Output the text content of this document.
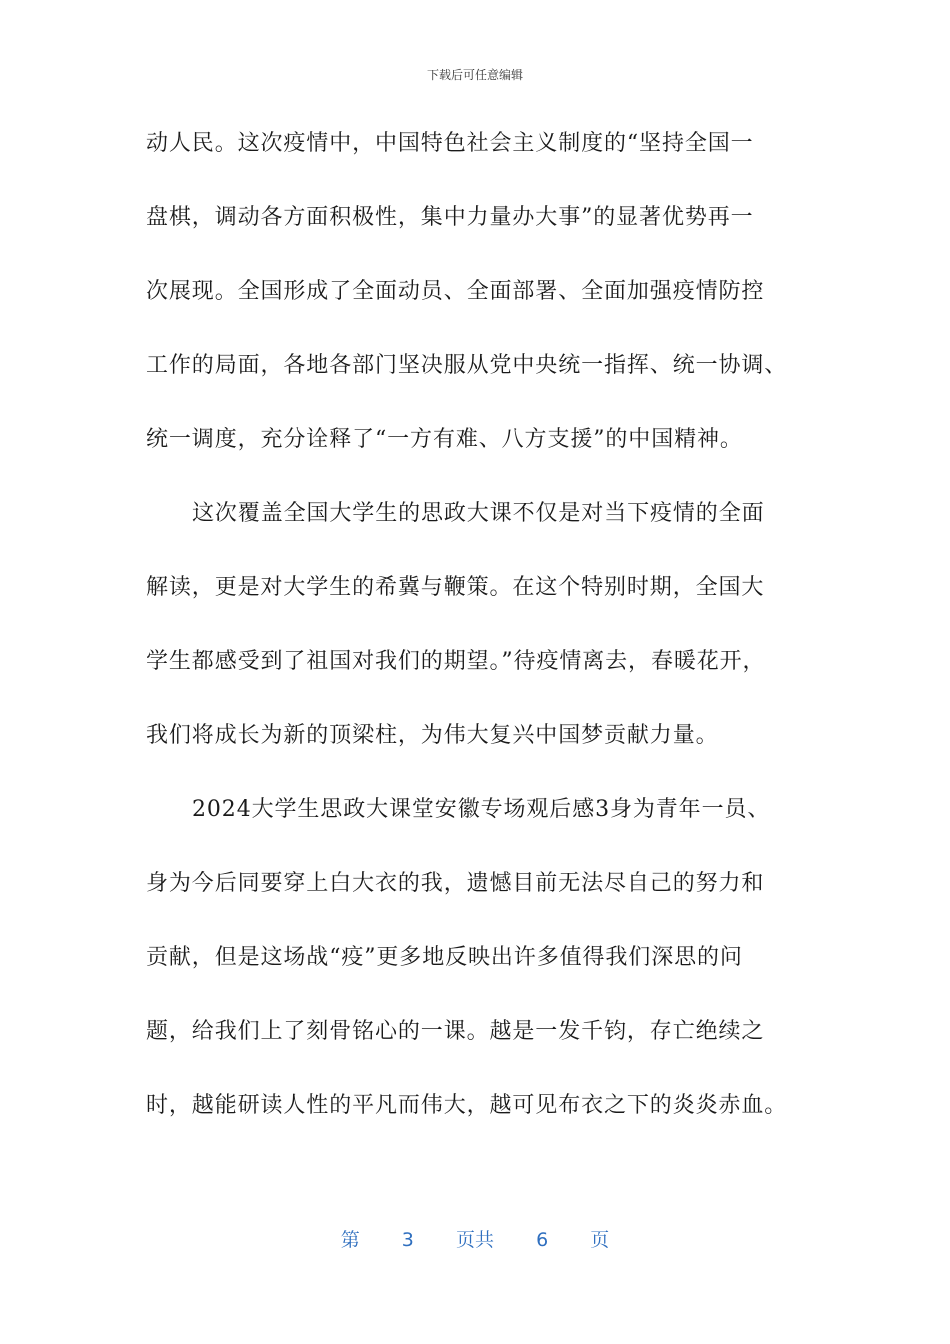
下载后可任意编辑
动人民。这次疫情中，中国特色社会主义制度的“坚持全国一
盘棋，调动各方面积极性，集中力量办大事”的显著优势再一
次展现。全国形成了全面动员、全面部署、全面加强疫情防控
工作的局面，各地各部门坚决服从党中央统一指挥、统一协调、
统一调度，充分诠释了“一方有难、八方支援”的中国精神。
这次覆盖全国大学生的思政大课不仅是对当下疫情的全面
解读，更是对大学生的希冀与鞭策。在这个特别时期，全国大
学生都感受到了祖国对我们的期望。”待疫情离去，春暖花开，
我们将成长为新的顶梁柱，为伟大复兴中国梦贡献力量。
2024大学生思政大课堂安徽专场观后感3身为青年一员、
身为今后同要穿上白大衣的我，遗憾目前无法尽自己的努力和
贡献，但是这场战“疫”更多地反映出许多值得我们深思的问
题，给我们上了刻骨铭心的一课。越是一发千钧，存亡绝续之
时，越能研读人性的平凡而伟大，越可见布衣之下的炎炎赤血。
第 3 页共 6 页
